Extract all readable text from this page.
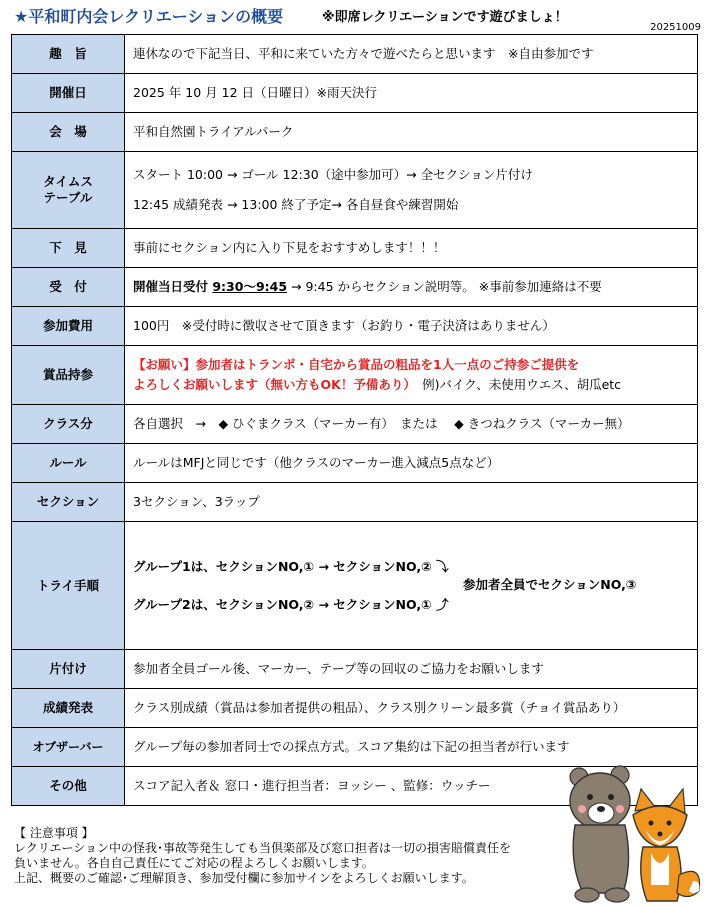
★平和町内会レクリエーションの概要	※即席レクリエーションです遊びましょ！
20251009
趣　旨	連休なので下記当日、平和に来ていた方々で遊べたらと思います　※自由参加です
開催日	2025 年 10 月 12 日（日曜日）※雨天決行
会　場	平和自然園トライアルパーク
タイムス
テーブル	スタート 10:00 → ゴール 12:30（途中参加可）→ 全セクション片付け
12:45 成績発表 → 13:00 終了予定→ 各自昼食や練習開始

下　見	事前にセクション内に入り下見をおすすめします！！！
受　付	開催当日受付 9:30～9:45 → 9:45 からセクション説明等。 ※事前参加連絡は不要
参加費用	100円　※受付時に徴収させて頂きます（お釣り・電子決済はありません）
賞品持参	【お願い】参加者はトランポ・自宅から賞品の粗品を1人一点のご持参ご提供を
よろしくお願いします（無い方もOK！予備あり）　例)バイク、未使用ウエス、胡瓜etc
クラス分	各自選択　→　◆ ひぐまクラス（マーカー有）　または　 ◆ きつねクラス（マーカー無）
ルール	ルールはMFJと同じです（他クラスのマーカー進入減点5点など）
セクション	3セクション、3ラップ
トライ手順	グループ1は、セクションNO,① → セクションNO,② ⤵
参加者全員でセクションNO,③
グループ2は、セクションNO,② → セクションNO,① ⤴

片付け	参加者全員ゴール後、マーカー、テープ等の回収のご協力をお願いします
成績発表	クラス別成績（賞品は参加者提供の粗品）、クラス別クリーン最多賞（チョイ賞品あり）
オブザーバー	グループ毎の参加者同士での採点方式。スコア集約は下記の担当者が行います
その他	スコア記入者＆ 窓口・進行担当者：ヨッシー 、監修：ウッチー
【 注意事項 】
レクリエーション中の怪我･事故等発生しても当倶楽部及び窓口担者は一切の損害賠償責任を
負いません。各自自己責任にてご対応の程よろしくお願いします。
上記、概要のご確認･ご理解頂き、参加受付欄に参加サインをよろしくお願いします。
